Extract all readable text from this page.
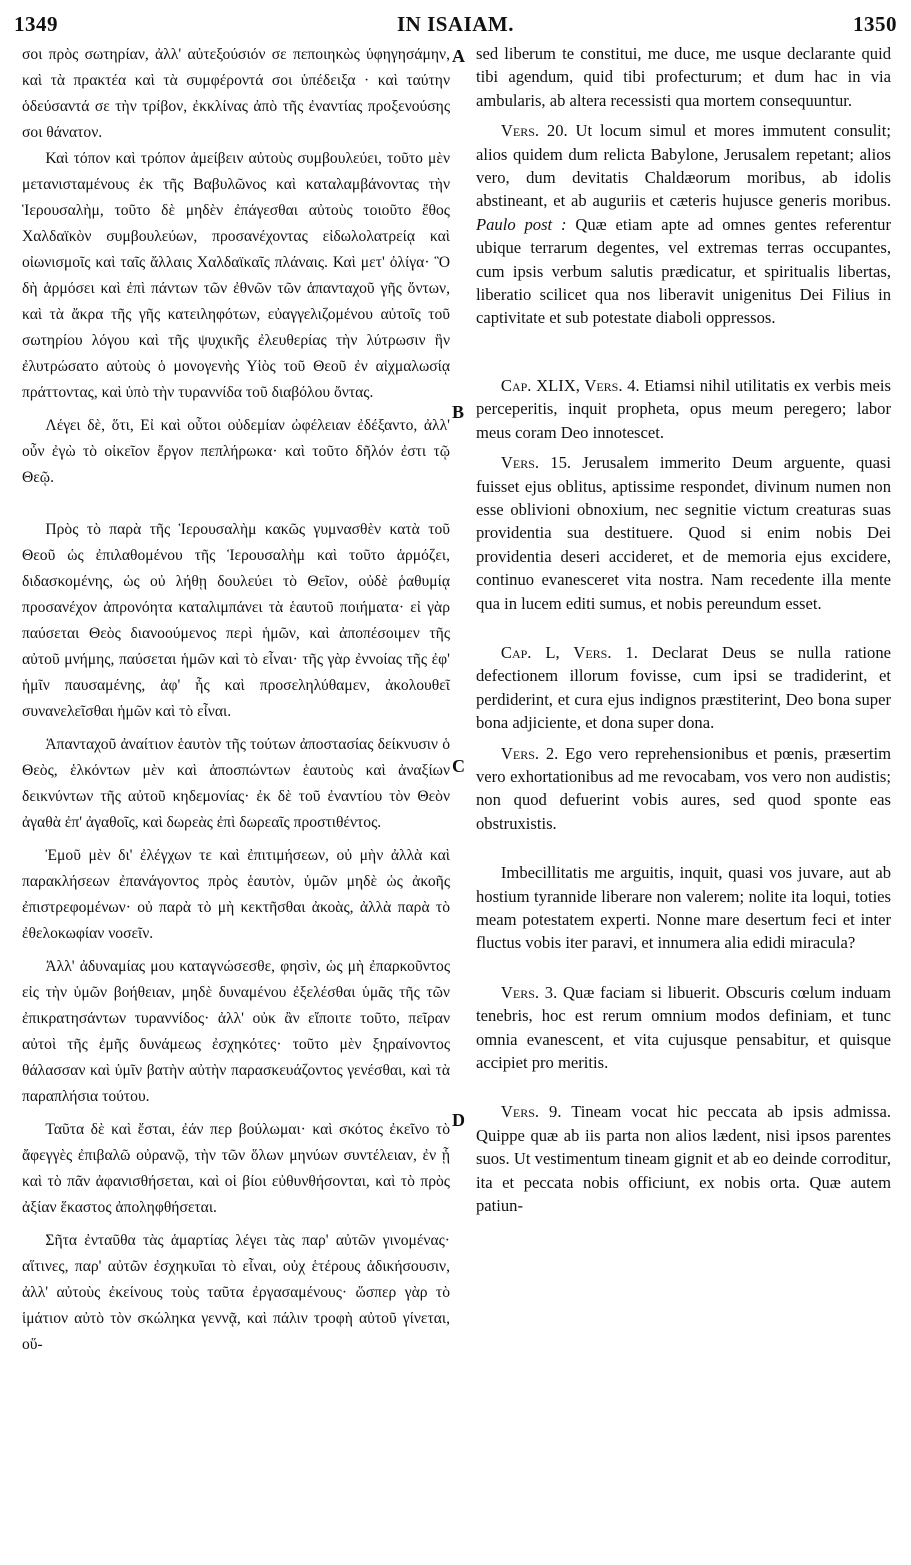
1349	IN ISAIAM.	1350
A
B
C
D

σοι πρὸς σωτηρίαν, ἀλλ' αὐτεξούσιόν σε πεποιηκὼς ὑφηγησάμην, καὶ τὰ πρακτέα καὶ τὰ συμφέροντά σοι ὑπέδειξα · καὶ ταύτην ὁδεύσαντά σε τὴν τρίβον, ἐκκλίνας ἀπὸ τῆς ἐναντίας προξενούσης σοι θάνατον.

Καὶ τόπον καὶ τρόπον ἀμείβειν αὐτοὺς συμβουλεύει, τοῦτο μὲν μετανισταμένους ἐκ τῆς Βαβυλῶνος καὶ καταλαμβάνοντας τὴν Ἱερουσαλὴμ, τοῦτο δὲ μηδὲν ἐπάγεσθαι αὐτοὺς τοιοῦτο ἔθος Χαλδαϊκὸν συμβουλεύων, προσανέχοντας εἰδωλολατρείᾳ καὶ οἰωνισμοῖς καὶ ταῖς ἄλλαις Χαλδαϊκαῖς πλάναις. Καὶ μετ' ὀλίγα· Ὃ δὴ ἁρμόσει καὶ ἐπὶ πάντων τῶν ἐθνῶν τῶν ἁπανταχοῦ γῆς ὄντων, καὶ τὰ ἄκρα τῆς γῆς κατειληφότων, εὐαγγελιζομένου αὐτοῖς τοῦ σωτηρίου λόγου καὶ τῆς ψυχικῆς ἐλευθερίας τὴν λύτρωσιν ἣν ἐλυτρώσατο αὐτοὺς ὁ μονογενὴς Υἱὸς τοῦ Θεοῦ ἐν αἰχμαλωσίᾳ πράττοντας, καὶ ὑπὸ τὴν τυραννίδα τοῦ διαβόλου ὄντας.

Λέγει δὲ, ὅτι, Εἰ καὶ οὗτοι οὐδεμίαν ὠφέλειαν ἐδέξαντο, ἀλλ' οὖν ἐγὼ τὸ οἰκεῖον ἔργον πεπλήρωκα· καὶ τοῦτο δῆλόν ἐστι τῷ Θεῷ.

Πρὸς τὸ παρὰ τῆς Ἱερουσαλὴμ κακῶς γυμνασθὲν κατὰ τοῦ Θεοῦ ὡς ἐπιλαθομένου τῆς Ἱερουσαλὴμ καὶ τοῦτο ἁρμόζει, διδασκομένης, ὡς οὐ λήθῃ δουλεύει τὸ Θεῖον, οὐδὲ ῥαθυμίᾳ προσανέχον ἀπρονόητα καταλιμπάνει τὰ ἑαυτοῦ ποιήματα· εἰ γὰρ παύσεται Θεὸς διανοούμενος περὶ ἡμῶν, καὶ ἀποπέσοιμεν τῆς αὐτοῦ μνήμης, παύσεται ἡμῶν καὶ τὸ εἶναι· τῆς γὰρ ἐννοίας τῆς ἐφ' ἡμῖν παυσαμένης, ἀφ' ἧς καὶ προσεληλύθαμεν, ἀκολουθεῖ συνανελεῖσθαι ἡμῶν καὶ τὸ εἶναι.

Ἁπανταχοῦ ἀναίτιον ἑαυτὸν τῆς τούτων ἀποστασίας δείκνυσιν ὁ Θεὸς, ἑλκόντων μὲν καὶ ἀποσπώντων ἑαυτοὺς καὶ ἀναξίων δεικνύντων τῆς αὐτοῦ κηδεμονίας· ἐκ δὲ τοῦ ἐναντίου τὸν Θεὸν ἀγαθὰ ἐπ' ἀγαθοῖς, καὶ δωρεὰς ἐπὶ δωρεαῖς προστιθέντος.

Ἐμοῦ μὲν δι' ἐλέγχων τε καὶ ἐπιτιμήσεων, οὐ μὴν ἀλλὰ καὶ παρακλήσεων ἐπανάγοντος πρὸς ἑαυτὸν, ὑμῶν μηδὲ ὡς ἀκοῆς ἐπιστρεφομένων· οὐ παρὰ τὸ μὴ κεκτῆσθαι ἀκοὰς, ἀλλὰ παρὰ τὸ ἐθελοκωφίαν νοσεῖν.

Ἀλλ' ἀδυναμίας μου καταγνώσεσθε, φησὶν, ὡς μὴ ἐπαρκοῦντος εἰς τὴν ὑμῶν βοήθειαν, μηδὲ δυναμένου ἐξελέσθαι ὑμᾶς τῆς τῶν ἐπικρατησάντων τυραννίδος· ἀλλ' οὐκ ἂν εἴποιτε τοῦτο, πεῖραν αὐτοὶ τῆς ἐμῆς δυνάμεως ἐσχηκότες· τοῦτο μὲν ξηραίνοντος θάλασσαν καὶ ὑμῖν βατὴν αὐτὴν παρασκευάζοντος γενέσθαι, καὶ τὰ παραπλήσια τούτου.

Ταῦτα δὲ καὶ ἔσται, ἐάν περ βούλωμαι· καὶ σκότος ἐκεῖνο τὸ ἄφεγγὲς ἐπιβαλῶ οὐρανῷ, τὴν τῶν ὅλων μηνύων συντέλειαν, ἐν ᾗ καὶ τὸ πᾶν ἀφανισθήσεται, καὶ οἱ βίοι εὐθυνθήσονται, καὶ τὸ πρὸς ἀξίαν ἕκαστος ἀποληφθήσεται.

Σῆτα ἐνταῦθα τὰς ἁμαρτίας λέγει τὰς παρ' αὐτῶν γινομένας· αἵτινες, παρ' αὐτῶν ἐσχηκυῖαι τὸ εἶναι, οὐχ ἑτέρους ἀδικήσουσιν, ἀλλ' αὐτοὺς ἐκείνους τοὺς ταῦτα ἐργασαμένους· ὥσπερ γὰρ τὸ ἱμάτιον αὐτὸ τὸν σκώληκα γεννᾷ, καὶ πάλιν τροφὴ αὐτοῦ γίνεται, οὕ-

sed liberum te constitui, me duce, me usque declarante quid tibi agendum, quid tibi profecturum; et dum hac in via ambularis, ab altera recessisti qua mortem consequuntur.

Vers. 20. Ut locum simul et mores immutent consulit; alios quidem dum relicta Babylone, Jerusalem repetant; alios vero, dum devitatis Chaldæorum moribus, ab idolis abstineant, et ab auguriis et cæteris hujusce generis moribus. Paulo post : Quæ etiam apte ad omnes gentes referentur ubique terrarum degentes, vel extremas terras occupantes, cum ipsis verbum salutis prædicatur, et spiritualis libertas, liberatio scilicet qua nos liberavit unigenitus Dei Filius in captivitate et sub potestate diaboli oppressos.

Cap. XLIX, Vers. 4. Etiamsi nihil utilitatis ex verbis meis perceperitis, inquit propheta, opus meum peregero; labor meus coram Deo innotescet.

Vers. 15. Jerusalem immerito Deum arguente, quasi fuisset ejus oblitus, aptissime respondet, divinum numen non esse oblivioni obnoxium, nec segnitie victum creaturas suas providentia sua destituere. Quod si enim nobis Dei providentia deseri accideret, et de memoria ejus excidere, continuo evanesceret vita nostra. Nam recedente illa mente qua in lucem editi sumus, et nobis pereundum esset.

Cap. L, Vers. 1. Declarat Deus se nulla ratione defectionem illorum fovisse, cum ipsi se tradiderint, et perdiderint, et cura ejus indignos præstiterint, Deo bona super bona adjiciente, et dona super dona.

Vers. 2. Ego vero reprehensionibus et pœnis, præsertim vero exhortationibus ad me revocabam, vos vero non audistis; non quod defuerint vobis aures, sed quod sponte eas obstruxistis.

Imbecillitatis me arguitis, inquit, quasi vos juvare, aut ab hostium tyrannide liberare non valerem; nolite ita loqui, toties meam potestatem experti. Nonne mare desertum feci et inter fluctus vobis iter paravi, et innumera alia edidi miracula?

Vers. 3. Quæ faciam si libuerit. Obscuris cœlum induam tenebris, hoc est rerum omnium modos definiam, et tunc omnia evanescent, et vita cujusque pensabitur, et quisque accipiet pro meritis.

Vers. 9. Tineam vocat hic peccata ab ipsis admissa. Quippe quæ ab iis parta non alios lædent, nisi ipsos parentes suos. Ut vestimentum tineam gignit et ab eo deinde corroditur, ita et peccata nobis officiunt, ex nobis orta. Quæ autem patiun-
